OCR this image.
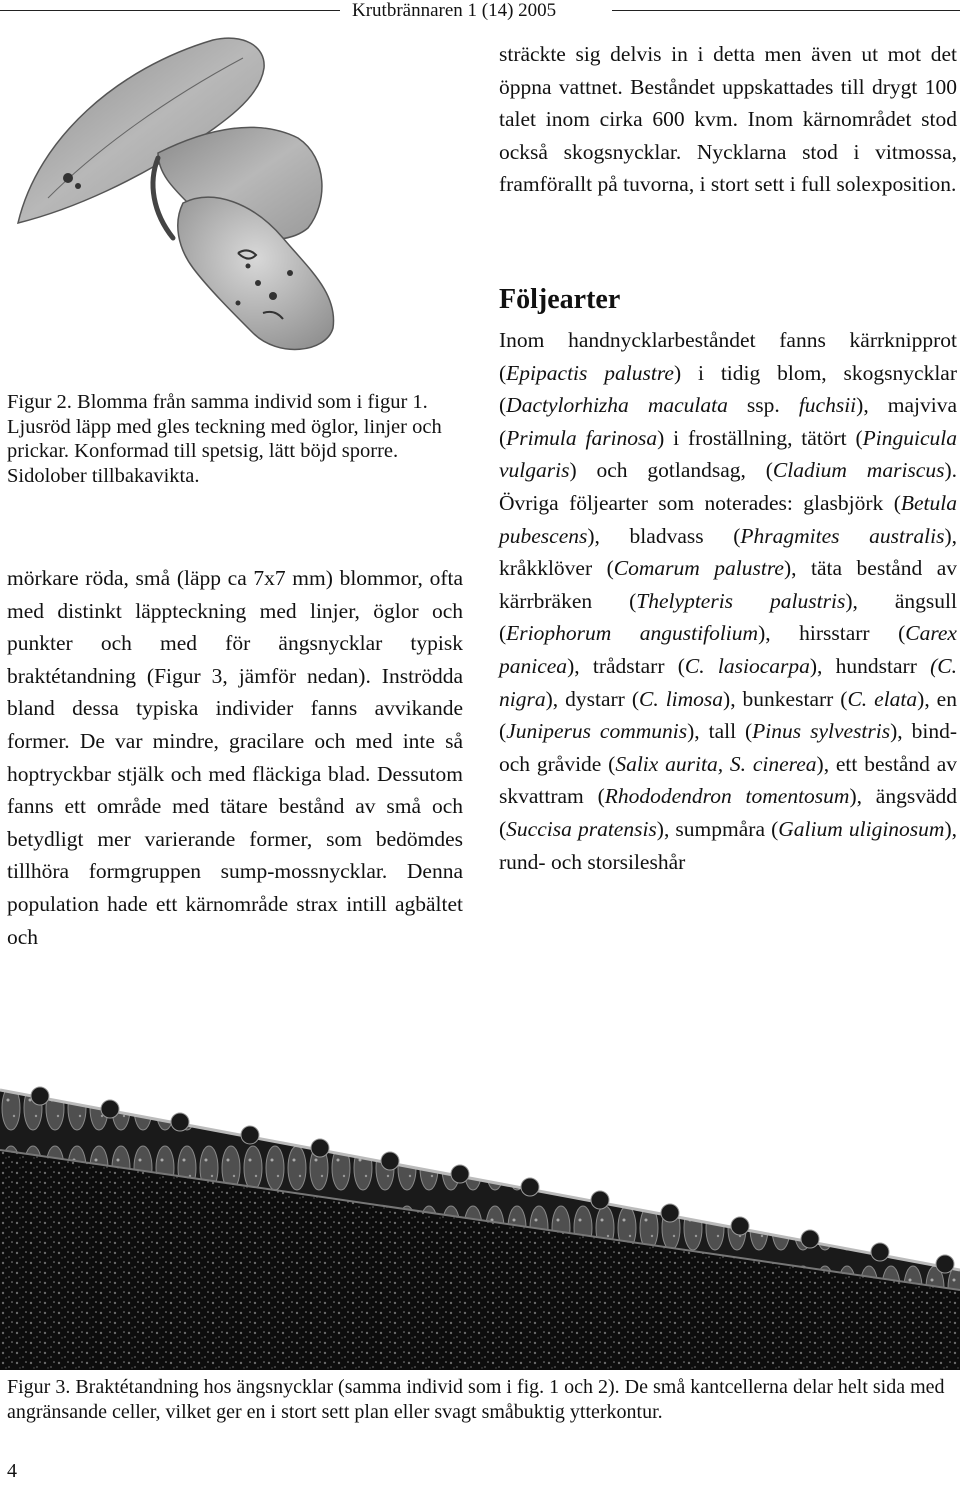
Krutbrännaren 1 (14) 2005
Figur 2. Blomma från samma individ som i figur 1. Ljusröd läpp med gles teckning med öglor, linjer och prickar. Konformad till spetsig, lätt böjd sporre. Sidolober tillbakavikta.

mörkare röda, små (läpp ca 7x7 mm) blommor, ofta med distinkt läppteckning med linjer, öglor och punkter och med för ängsnycklar typisk braktétandning (Figur 3, jämför nedan). Inströdda bland dessa typiska individer fanns avvikande former. De var mindre, gracilare och med inte så hoptryckbar stjälk och med fläckiga blad. Dessutom fanns ett område med tätare bestånd av små och betydligt mer varierande former, som bedömdes tillhöra formgruppen sump-mossnycklar. Denna population hade ett kärnområde strax intill agbältet och

sträckte sig delvis in i detta men även ut mot det öppna vattnet. Beståndet uppskattades till drygt 100 talet inom cirka 600 kvm. Inom kärnområdet stod också skogsnycklar. Nycklarna stod i vitmossa, framförallt på tuvorna, i stort sett i full solexposition.

Följearter

Inom handnycklarbeståndet fanns kärrknipprot (Epipactis palustre) i tidig blom, skogsnycklar (Dactylorhizha maculata ssp. fuchsii), majviva (Primula farinosa) i froställning, tätört (Pinguicula vulgaris) och gotlandsag, (Cladium mariscus). Övriga följearter som noterades: glasbjörk (Betula pubescens), bladvass (Phragmites australis), kråkklöver (Comarum palustre), täta bestånd av kärrbräken (Thelypteris palustris), ängsull (Eriophorum angustifolium), hirsstarr (Carex panicea), trådstarr (C. lasiocarpa), hundstarr (C. nigra), dystarr (C. limosa), bunkestarr (C. elata), en (Juniperus communis), tall (Pinus sylvestris), bind- och gråvide (Salix aurita, S. cinerea), ett bestånd av skvattram (Rhododendron tomentosum), ängsvädd (Succisa pratensis), sumpmåra (Galium uliginosum), rund- och storsileshår

Figur 3. Braktétandning hos ängsnycklar (samma individ som i fig. 1 och 2). De små kantcellerna delar helt sida med angränsande celler, vilket ger en i stort sett plan eller svagt småbuktig ytterkontur.
4
